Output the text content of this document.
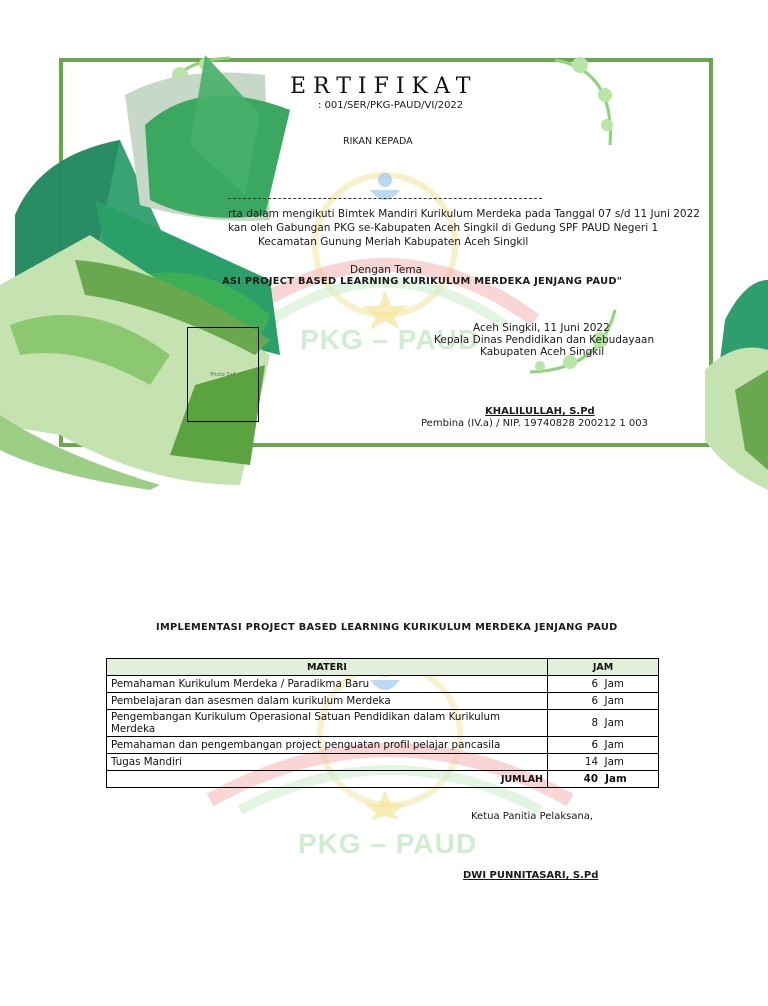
PKG – PAUD
PKG – PAUD
Photo 3x4
ERTIFIKAT
: 001/SER/PKG-PAUD/VI/2022
RIKAN KEPADA
rta dalam mengikuti Bimtek Mandiri Kurikulum Merdeka pada Tanggal 07 s/d 11 Juni 2022
kan oleh Gabungan PKG se-Kabupaten Aceh Singkil di Gedung SPF PAUD Negeri 1
Kecamatan Gunung Meriah Kabupaten Aceh Singkil
Dengan Tema
ASI PROJECT BASED LEARNING KURIKULUM MERDEKA JENJANG PAUD"
Aceh Singkil, 11 Juni 2022
Kepala Dinas Pendidikan dan Kebudayaan
Kabupaten Aceh Singkil
KHALILULLAH, S.Pd
Pembina (IV.a) / NIP. 19740828 200212 1 003
IMPLEMENTASI PROJECT BASED LEARNING KURIKULUM MERDEKA JENJANG PAUD
MATERI	JAM
Pemahaman Kurikulum Merdeka / Paradikma Baru	6 Jam
Pembelajaran dan asesmen dalam kurikulum Merdeka	6 Jam
Pengembangan Kurikulum Operasional Satuan Pendidikan dalam Kurikulum Merdeka	8 Jam
Pemahaman dan pengembangan project penguatan profil pelajar pancasila	6 Jam
Tugas Mandiri	14 Jam
JUMLAH	40 Jam
Ketua Panitia Pelaksana,
DWI PUNNITASARI, S.Pd
